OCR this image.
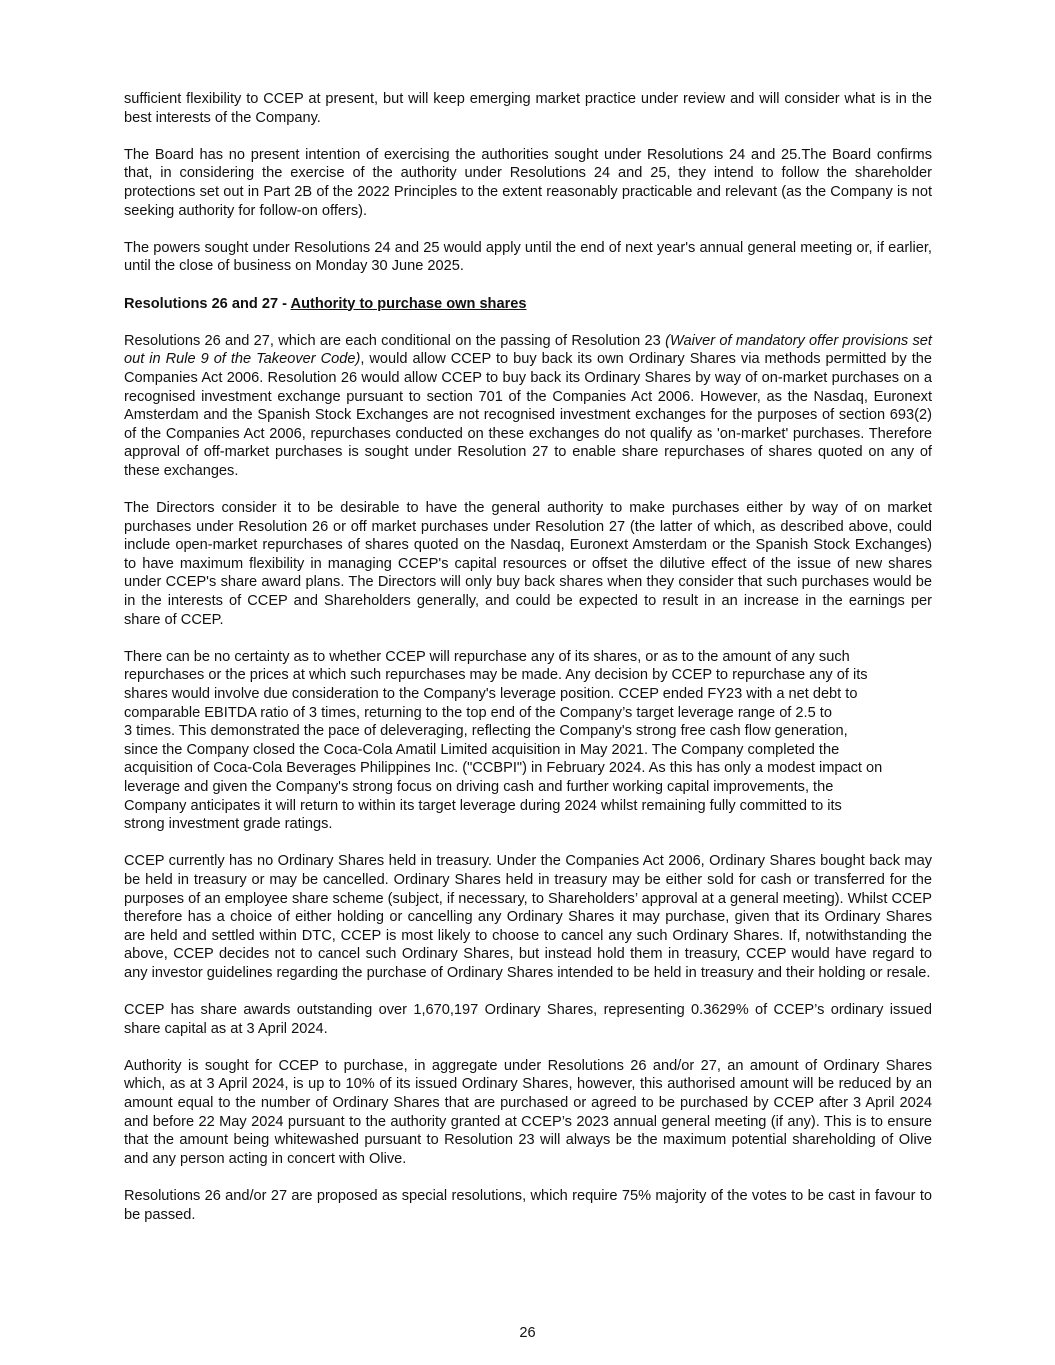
sufficient flexibility to CCEP at present, but will keep emerging market practice under review and will consider what is in the best interests of the Company.

The Board has no present intention of exercising the authorities sought under Resolutions 24 and 25.The Board confirms that, in considering the exercise of the authority under Resolutions 24 and 25, they intend to follow the shareholder protections set out in Part 2B of the 2022 Principles to the extent reasonably practicable and relevant (as the Company is not seeking authority for follow-on offers).

The powers sought under Resolutions 24 and 25 would apply until the end of next year's annual general meeting or, if earlier, until the close of business on Monday 30 June 2025.

Resolutions 26 and 27 - Authority to purchase own shares

Resolutions 26 and 27, which are each conditional on the passing of Resolution 23 (Waiver of mandatory offer provisions set out in Rule 9 of the Takeover Code), would allow CCEP to buy back its own Ordinary Shares via methods permitted by the Companies Act 2006. Resolution 26 would allow CCEP to buy back its Ordinary Shares by way of on-market purchases on a recognised investment exchange pursuant to section 701 of the Companies Act 2006. However, as the Nasdaq, Euronext Amsterdam and the Spanish Stock Exchanges are not recognised investment exchanges for the purposes of section 693(2) of the Companies Act 2006, repurchases conducted on these exchanges do not qualify as 'on-market' purchases. Therefore approval of off-market purchases is sought under Resolution 27 to enable share repurchases of shares quoted on any of these exchanges.

The Directors consider it to be desirable to have the general authority to make purchases either by way of on market purchases under Resolution 26 or off market purchases under Resolution 27 (the latter of which, as described above, could include open-market repurchases of shares quoted on the Nasdaq, Euronext Amsterdam or the Spanish Stock Exchanges) to have maximum flexibility in managing CCEP's capital resources or offset the dilutive effect of the issue of new shares under CCEP's share award plans. The Directors will only buy back shares when they consider that such purchases would be in the interests of CCEP and Shareholders generally, and could be expected to result in an increase in the earnings per share of CCEP.

There can be no certainty as to whether CCEP will repurchase any of its shares, or as to the amount of any such
repurchases or the prices at which such repurchases may be made. Any decision by CCEP to repurchase any of its
shares would involve due consideration to the Company's leverage position. CCEP ended FY23 with a net debt to
comparable EBITDA ratio of 3 times, returning to the top end of the Company’s target leverage range of 2.5 to
3 times. This demonstrated the pace of deleveraging, reflecting the Company's strong free cash flow generation,
since the Company closed the Coca-Cola Amatil Limited acquisition in May 2021. The Company completed the
acquisition of Coca-Cola Beverages Philippines Inc. ("CCBPI") in February 2024. As this has only a modest impact on
leverage and given the Company's strong focus on driving cash and further working capital improvements, the
Company anticipates it will return to within its target leverage during 2024 whilst remaining fully committed to its
strong investment grade ratings.

CCEP currently has no Ordinary Shares held in treasury. Under the Companies Act 2006, Ordinary Shares bought back may be held in treasury or may be cancelled. Ordinary Shares held in treasury may be either sold for cash or transferred for the purposes of an employee share scheme (subject, if necessary, to Shareholders’ approval at a general meeting). Whilst CCEP therefore has a choice of either holding or cancelling any Ordinary Shares it may purchase, given that its Ordinary Shares are held and settled within DTC, CCEP is most likely to choose to cancel any such Ordinary Shares. If, notwithstanding the above, CCEP decides not to cancel such Ordinary Shares, but instead hold them in treasury, CCEP would have regard to any investor guidelines regarding the purchase of Ordinary Shares intended to be held in treasury and their holding or resale.

CCEP has share awards outstanding over 1,670,197 Ordinary Shares, representing 0.3629% of CCEP’s ordinary issued share capital as at 3 April 2024.

Authority is sought for CCEP to purchase, in aggregate under Resolutions 26 and/or 27, an amount of Ordinary Shares which, as at 3 April 2024, is up to 10% of its issued Ordinary Shares, however, this authorised amount will be reduced by an amount equal to the number of Ordinary Shares that are purchased or agreed to be purchased by CCEP after 3 April 2024 and before 22 May 2024 pursuant to the authority granted at CCEP’s 2023 annual general meeting (if any). This is to ensure that the amount being whitewashed pursuant to Resolution 23 will always be the maximum potential shareholding of Olive and any person acting in concert with Olive.

Resolutions 26 and/or 27 are proposed as special resolutions, which require 75% majority of the votes to be cast in favour to be passed.

26
